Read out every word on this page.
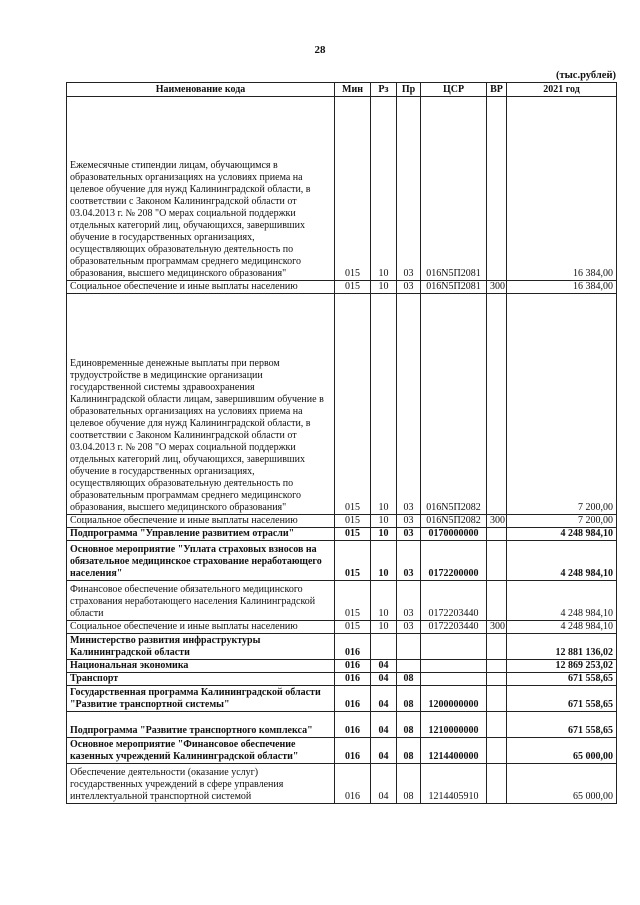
28
(тыс.рублей)
Наименование кода	Мин	Рз	Пр	ЦСР	ВР	2021 год
Ежемесячные стипендии лицам, обучающимся в образовательных организациях на условиях приема на целевое обучение для нужд Калининградской области, в соответствии с Законом Калининградской области от 03.04.2013 г. № 208 "О мерах социальной поддержки отдельных категорий лиц, обучающихся, завершивших обучение в государственных организациях, осуществляющих образовательную деятельность по образовательным программам среднего медицинского образования, высшего медицинского образования"	015	10	03	016N5П2081		16 384,00
Социальное обеспечение и иные выплаты населению	015	10	03	016N5П2081	300	16 384,00
Единовременные денежные выплаты при первом трудоустройстве в медицинские организации государственной системы здравоохранения Калининградской области лицам, завершившим обучение в образовательных организациях на условиях приема на целевое обучение для нужд Калининградской области, в соответствии с Законом Калининградской области от 03.04.2013 г. № 208 "О мерах социальной поддержки отдельных категорий лиц, обучающихся, завершивших обучение в государственных организациях, осуществляющих образовательную деятельность по образовательным программам среднего медицинского образования, высшего медицинского образования"	015	10	03	016N5П2082		7 200,00
Социальное обеспечение и иные выплаты населению	015	10	03	016N5П2082	300	7 200,00
Подпрограмма "Управление развитием отрасли"	015	10	03	0170000000		4 248 984,10
Основное мероприятие "Уплата страховых взносов на обязательное медицинское страхование неработающего населения"	015	10	03	0172200000		4 248 984,10
Финансовое обеспечение обязательного медицинского страхования неработающего населения Калининградской области	015	10	03	0172203440		4 248 984,10
Социальное обеспечение и иные выплаты населению	015	10	03	0172203440	300	4 248 984,10
Министерство развития инфраструктуры Калининградской области	016					12 881 136,02
Национальная экономика	016	04				12 869 253,02
Транспорт	016	04	08			671 558,65
Государственная программа Калининградской области "Развитие транспортной системы"	016	04	08	1200000000		671 558,65
Подпрограмма "Развитие транспортного комплекса"	016	04	08	1210000000		671 558,65
Основное мероприятие "Финансовое обеспечение казенных учреждений Калининградской области"	016	04	08	1214400000		65 000,00
Обеспечение деятельности (оказание услуг) государственных учреждений в сфере управления интеллектуальной транспортной системой	016	04	08	1214405910		65 000,00
